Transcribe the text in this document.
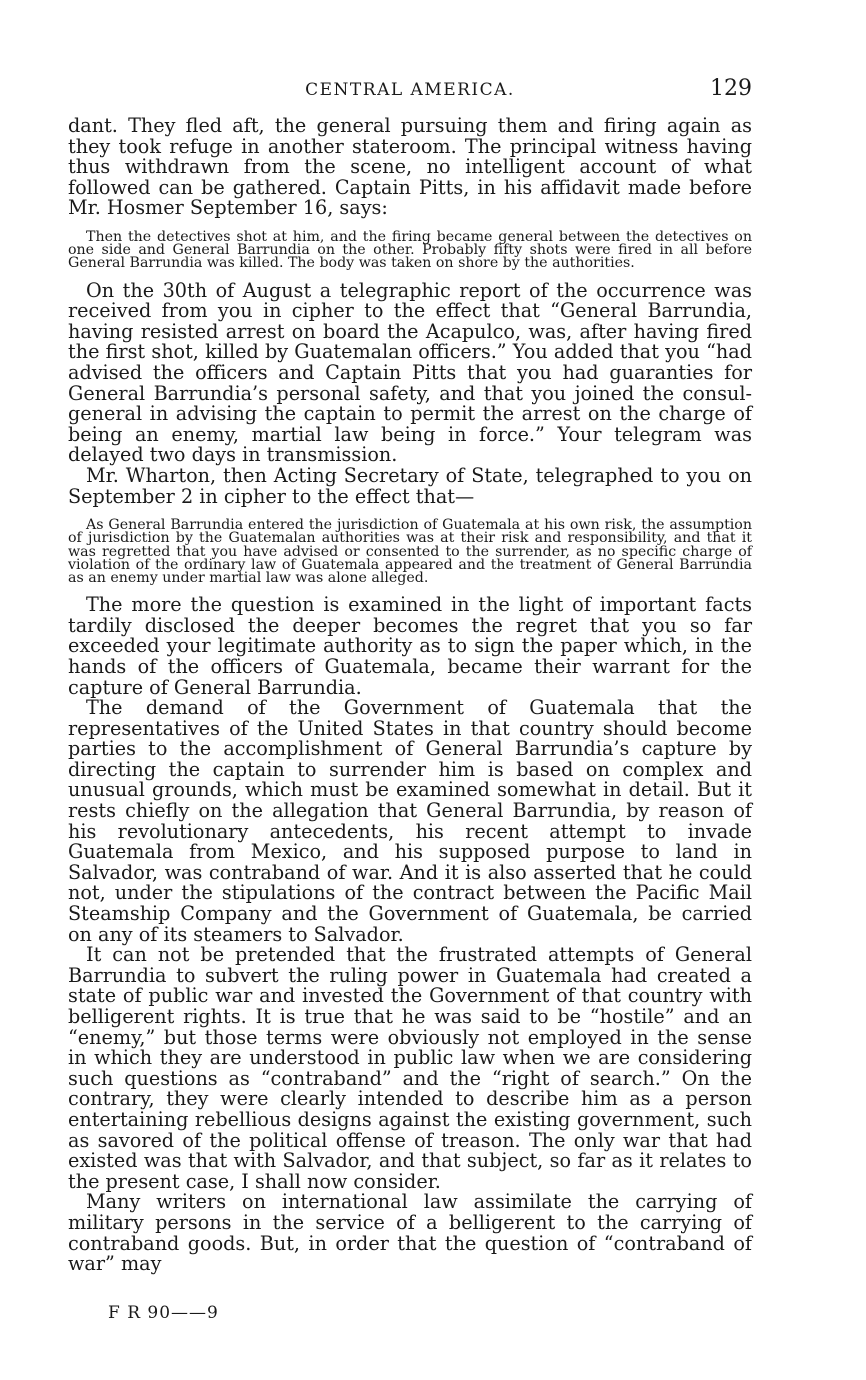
CENTRAL AMERICA.	129

dant. They fled aft, the general pursuing them and firing again as they took refuge in another stateroom. The principal witness having thus withdrawn from the scene, no intelligent account of what followed can be gathered. Captain Pitts, in his affidavit made before Mr. Hosmer September 16, says:

Then the detectives shot at him, and the firing became general between the detectives on one side and General Barrundia on the other. Probably fifty shots were fired in all before General Barrundia was killed. The body was taken on shore by the authorities.

On the 30th of August a telegraphic report of the occurrence was received from you in cipher to the effect that “General Barrundia, having resisted arrest on board the Acapulco, was, after having fired the first shot, killed by Guatemalan officers.” You added that you “had advised the officers and Captain Pitts that you had guaranties for General Barrundia’s personal safety, and that you joined the consul-general in advising the captain to permit the arrest on the charge of being an enemy, martial law being in force.” Your telegram was delayed two days in transmission.

Mr. Wharton, then Acting Secretary of State, telegraphed to you on September 2 in cipher to the effect that—

As General Barrundia entered the jurisdiction of Guatemala at his own risk, the assumption of jurisdiction by the Guatemalan authorities was at their risk and responsibility, and that it was regretted that you have advised or consented to the surrender, as no specific charge of violation of the ordinary law of Guatemala appeared and the treatment of General Barrundia as an enemy under martial law was alone alleged.

The more the question is examined in the light of important facts tardily disclosed the deeper becomes the regret that you so far exceeded your legitimate authority as to sign the paper which, in the hands of the officers of Guatemala, became their warrant for the capture of General Barrundia.

The demand of the Government of Guatemala that the representatives of the United States in that country should become parties to the accomplishment of General Barrundia’s capture by directing the captain to surrender him is based on complex and unusual grounds, which must be examined somewhat in detail. But it rests chiefly on the allegation that General Barrundia, by reason of his revolutionary antecedents, his recent attempt to invade Guatemala from Mexico, and his supposed purpose to land in Salvador, was contraband of war. And it is also asserted that he could not, under the stipulations of the contract between the Pacific Mail Steamship Company and the Government of Guatemala, be carried on any of its steamers to Salvador.

It can not be pretended that the frustrated attempts of General Barrundia to subvert the ruling power in Guatemala had created a state of public war and invested the Government of that country with belligerent rights. It is true that he was said to be “hostile” and an “enemy,” but those terms were obviously not employed in the sense in which they are understood in public law when we are considering such questions as “contraband” and the “right of search.” On the contrary, they were clearly intended to describe him as a person entertaining rebellious designs against the existing government, such as savored of the political offense of treason. The only war that had existed was that with Salvador, and that subject, so far as it relates to the present case, I shall now consider.

Many writers on international law assimilate the carrying of military persons in the service of a belligerent to the carrying of contraband goods. But, in order that the question of “contraband of war” may

F R 90——9
